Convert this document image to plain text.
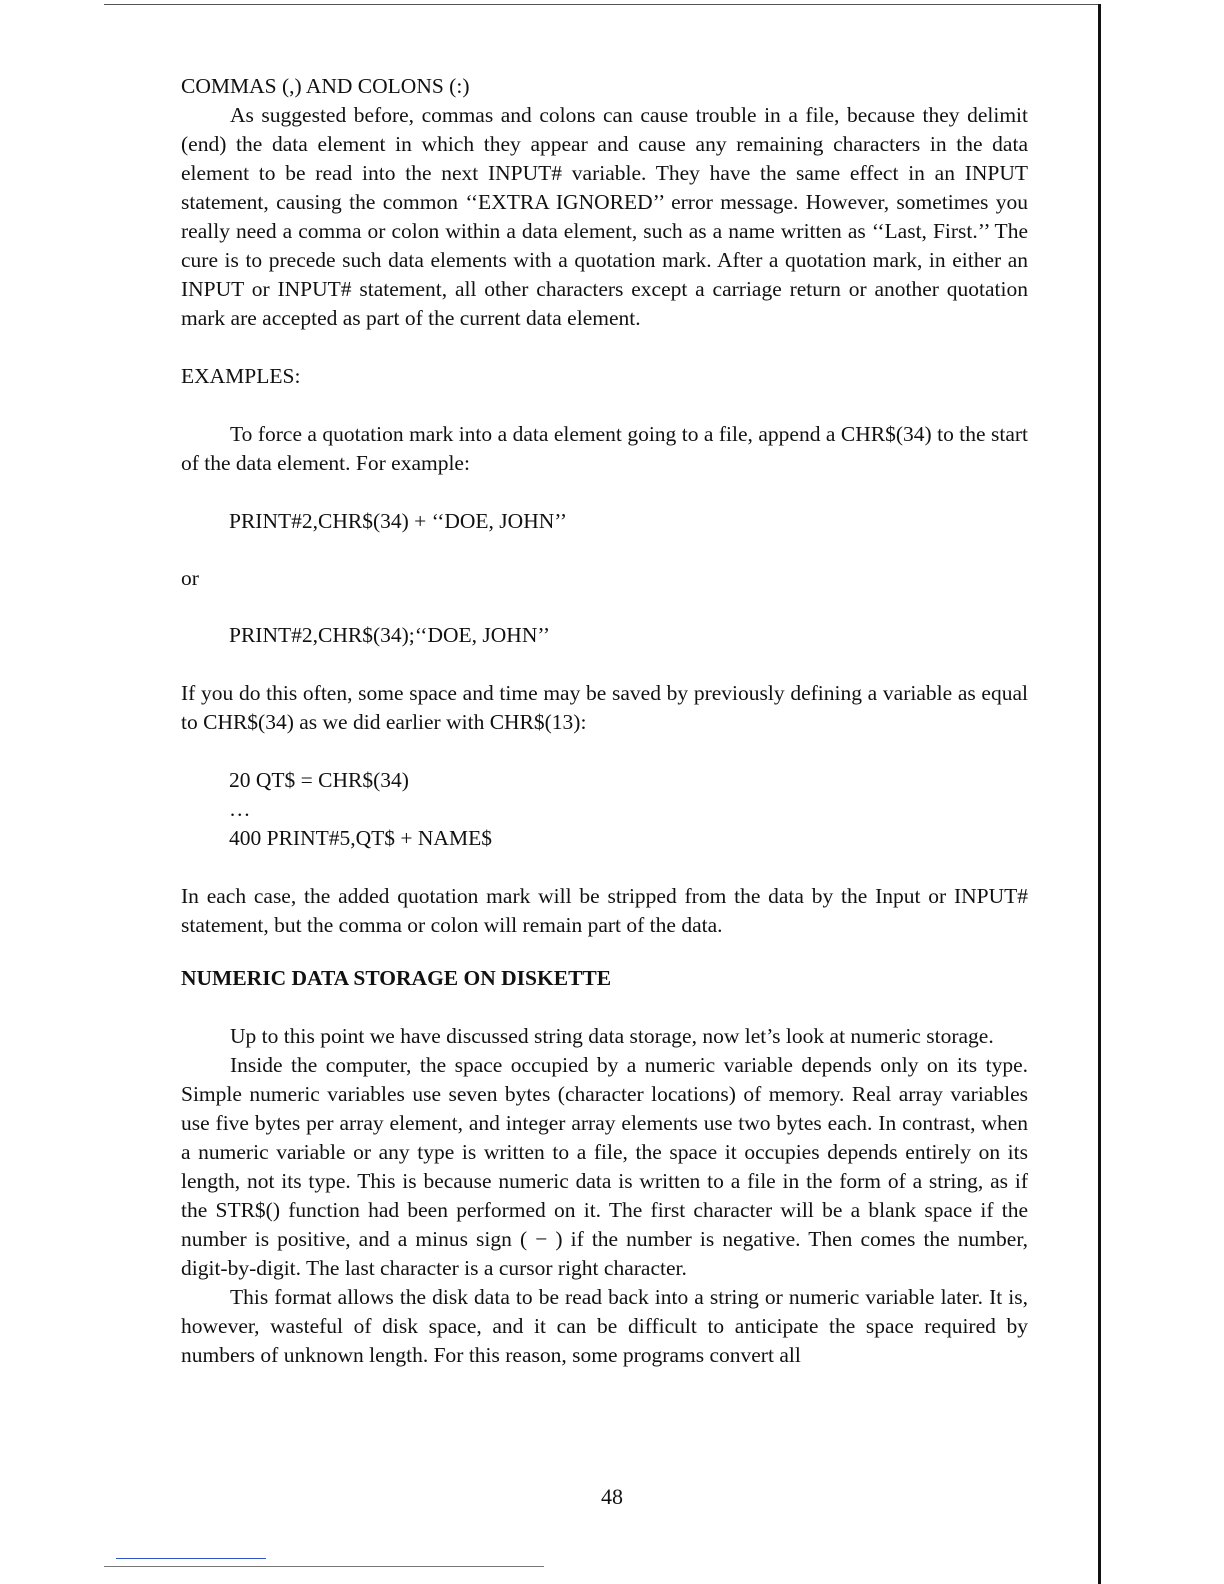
COMMAS (,) AND COLONS (:)

As suggested before, commas and colons can cause trouble in a file, because they delimit (end) the data element in which they appear and cause any remaining characters in the data element to be read into the next INPUT# variable. They have the same effect in an INPUT statement, causing the common ‘‘EXTRA IGNORED’’ error message. However, sometimes you really need a comma or colon within a data element, such as a name written as ‘‘Last, First.’’ The cure is to precede such data elements with a quotation mark. After a quotation mark, in either an INPUT or INPUT# statement, all other characters except a carriage return or another quotation mark are accepted as part of the current data element.

EXAMPLES:

To force a quotation mark into a data element going to a file, append a CHR$(34) to the start of the data element. For example:

PRINT#2,CHR$(34) + ‘‘DOE, JOHN’’

or

PRINT#2,CHR$(34);‘‘DOE, JOHN’’

If you do this often, some space and time may be saved by previously defining a variable as equal to CHR$(34) as we did earlier with CHR$(13):

20 QT$ = CHR$(34)

…

400 PRINT#5,QT$ + NAME$

In each case, the added quotation mark will be stripped from the data by the Input or INPUT# statement, but the comma or colon will remain part of the data.

NUMERIC DATA STORAGE ON DISKETTE

Up to this point we have discussed string data storage, now let’s look at numeric storage.

Inside the computer, the space occupied by a numeric variable depends only on its type. Simple numeric variables use seven bytes (character locations) of memory. Real array variables use five bytes per array element, and integer array elements use two bytes each. In contrast, when a numeric variable or any type is written to a file, the space it occupies depends entirely on its length, not its type. This is because numeric data is written to a file in the form of a string, as if the STR$() function had been performed on it. The first character will be a blank space if the number is positive, and a minus sign ( − ) if the number is negative. Then comes the number, digit-by-digit. The last character is a cursor right character.

This format allows the disk data to be read back into a string or numeric variable later. It is, however, wasteful of disk space, and it can be difficult to anticipate the space required by numbers of unknown length. For this reason, some programs convert all

48
